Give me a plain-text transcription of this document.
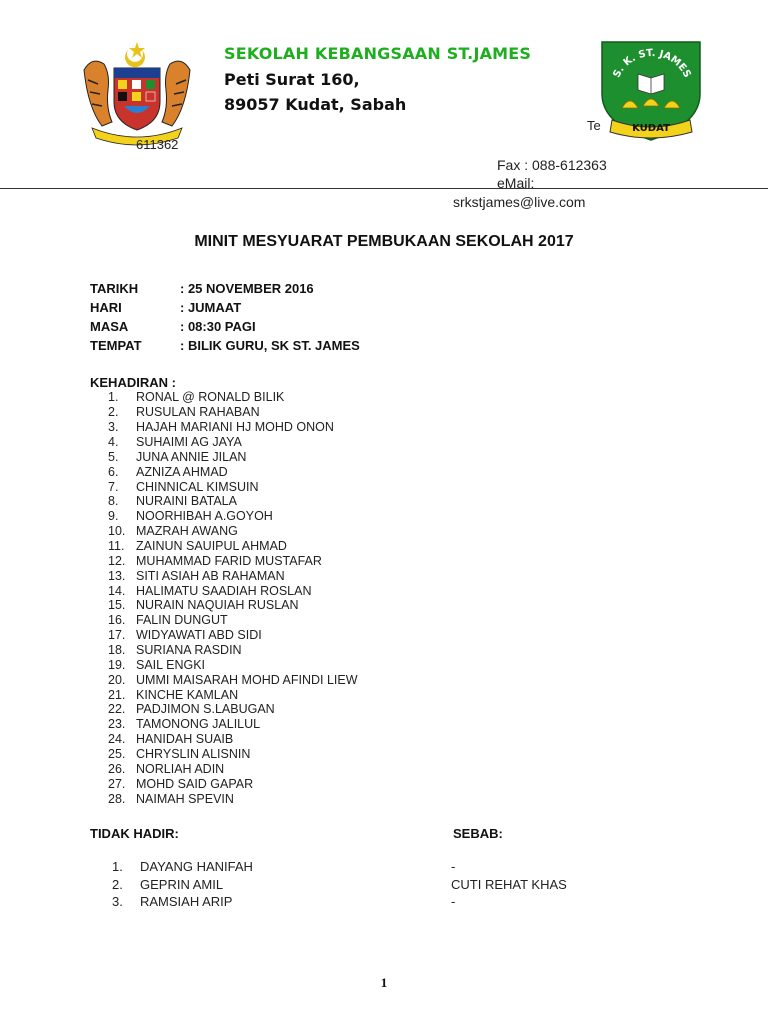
SEKOLAH KEBANGSAAN ST.JAMES
Peti Surat 160,
89057 Kudat, Sabah
S. K. ST. JAMES
KUDAT
Te
611362
Fax : 088-612363
eMail:
srkstjames@live.com
MINIT MESYUARAT PEMBUKAAN SEKOLAH 2017
TARIKH	: 25 NOVEMBER 2016
HARI	: JUMAAT
MASA	: 08:30 PAGI
TEMPAT	: BILIK GURU, SK ST. JAMES
KEHADIRAN :
1. RONAL @ RONALD BILIK
2. RUSULAN RAHABAN
3. HAJAH MARIANI HJ MOHD ONON
4. SUHAIMI AG JAYA
5. JUNA ANNIE JILAN
6. AZNIZA AHMAD
7. CHINNICAL KIMSUIN
8. NURAINI BATALA
9. NOORHIBAH A.GOYOH
10. MAZRAH AWANG
11. ZAINUN SAUIPUL AHMAD
12. MUHAMMAD FARID MUSTAFAR
13. SITI ASIAH AB RAHAMAN
14. HALIMATU SAADIAH ROSLAN
15. NURAIN NAQUIAH RUSLAN
16. FALIN DUNGUT
17. WIDYAWATI ABD SIDI
18. SURIANA RASDIN
19. SAIL ENGKI
20. UMMI MAISARAH MOHD AFINDI LIEW
21. KINCHE KAMLAN
22. PADJIMON S.LABUGAN
23. TAMONONG JALILUL
24. HANIDAH SUAIB
25. CHRYSLIN ALISNIN
26. NORLIAH ADIN
27. MOHD SAID GAPAR
28. NAIMAH SPEVIN
TIDAK HADIR:	SEBAB:
1. DAYANG HANIFAH	-
2. GEPRIN AMIL	CUTI REHAT KHAS
3. RAMSIAH ARIP	-
1
